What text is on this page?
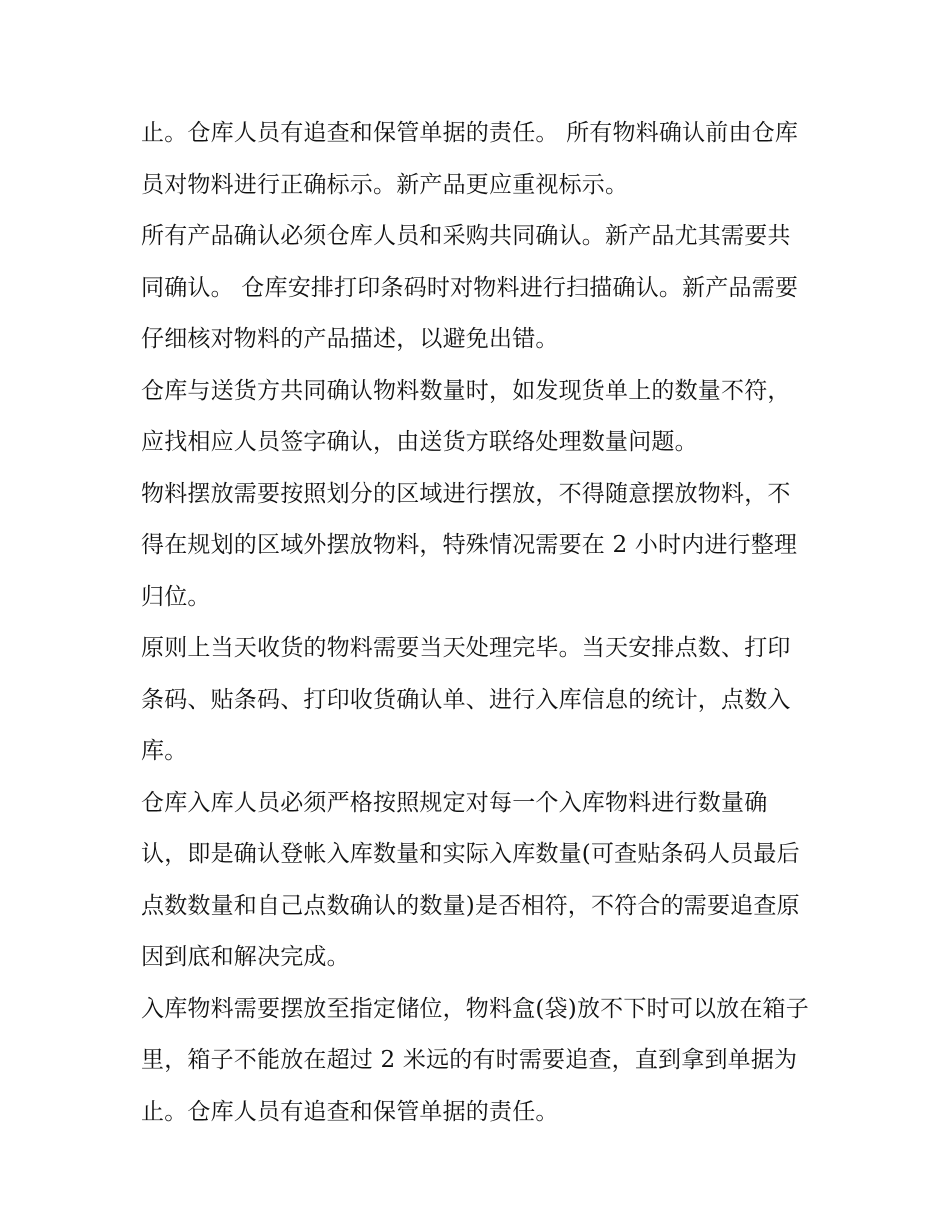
止。仓库人员有追查和保管单据的责任。 所有物料确认前由仓库员对物料进行正确标示。新产品更应重视标示。

所有产品确认必须仓库人员和采购共同确认。新产品尤其需要共同确认。 仓库安排打印条码时对物料进行扫描确认。新产品需要仔细核对物料的产品描述，以避免出错。

仓库与送货方共同确认物料数量时，如发现货单上的数量不符，应找相应人员签字确认，由送货方联络处理数量问题。

物料摆放需要按照划分的区域进行摆放，不得随意摆放物料，不得在规划的区域外摆放物料，特殊情况需要在 2 小时内进行整理归位。

原则上当天收货的物料需要当天处理完毕。当天安排点数、打印条码、贴条码、打印收货确认单、进行入库信息的统计，点数入库。

仓库入库人员必须严格按照规定对每一个入库物料进行数量确认，即是确认登帐入库数量和实际入库数量(可查贴条码人员最后点数数量和自己点数确认的数量)是否相符，不符合的需要追查原因到底和解决完成。

入库物料需要摆放至指定储位，物料盒(袋)放不下时可以放在箱子里，箱子不能放在超过 2 米远的有时需要追查，直到拿到单据为止。仓库人员有追查和保管单据的责任。
